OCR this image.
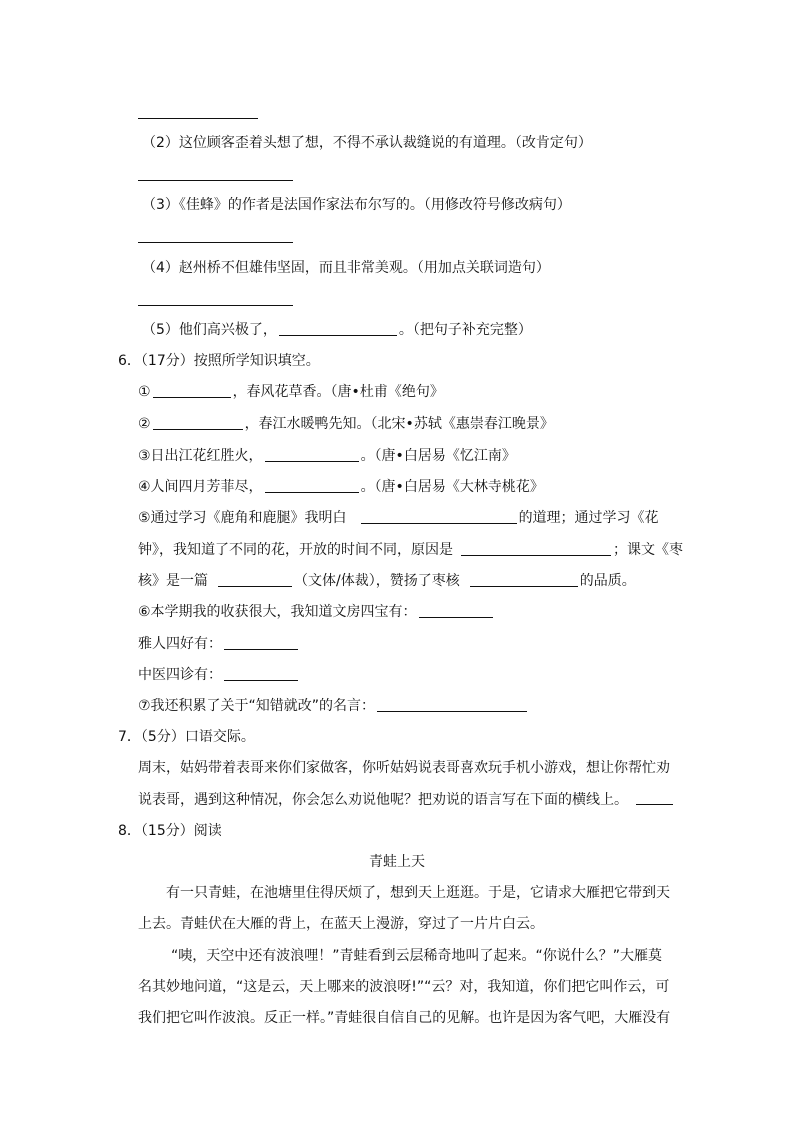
（2）这位顾客歪着头想了想，不得不承认裁缝说的有道理。（改肯定句）
（3）《佳蜂》的作者是法国作家法布尔写的。（用修改符号修改病句）
（4）赵州桥不但雄伟坚固，而且非常美观。（用加点关联词造句）
（5）他们高兴极了，	。（把句子补充完整）
6．（17分）按照所学知识填空。
①	，春风花草香。（唐•杜甫《绝句》
②	，春江水暖鸭先知。（北宋•苏轼《惠崇春江晚景》
③日出江花红胜火，	。（唐•白居易《忆江南》
④人间四月芳菲尽，	。（唐•白居易《大林寺桃花》
⑤通过学习《鹿角和鹿腿》我明白	的道理；通过学习《花
钟》，我知道了不同的花，开放的时间不同，原因是	；课文《枣
核》是一篇	（文体/体裁），赞扬了枣核	的品质。
⑥本学期我的收获很大，我知道文房四宝有：
雅人四好有：
中医四诊有：
⑦我还积累了关于“知错就改”的名言：
7．（5分）口语交际。
周末，姑妈带着表哥来你们家做客，你听姑妈说表哥喜欢玩手机小游戏，想让你帮忙劝
说表哥，遇到这种情况，你会怎么劝说他呢？把劝说的语言写在下面的横线上。
8．（15分）阅读
青蛙上天
有一只青蛙，在池塘里住得厌烦了，想到天上逛逛。于是，它请求大雁把它带到天
上去。青蛙伏在大雁的背上，在蓝天上漫游，穿过了一片片白云。
“咦，天空中还有波浪哩！”青蛙看到云层稀奇地叫了起来。“你说什么？”大雁莫
名其妙地问道，“这是云，天上哪来的波浪呀!”“云？对，我知道，你们把它叫作云，可
我们把它叫作波浪。反正一样。”青蛙很自信自己的见解。也许是因为客气吧，大雁没有
